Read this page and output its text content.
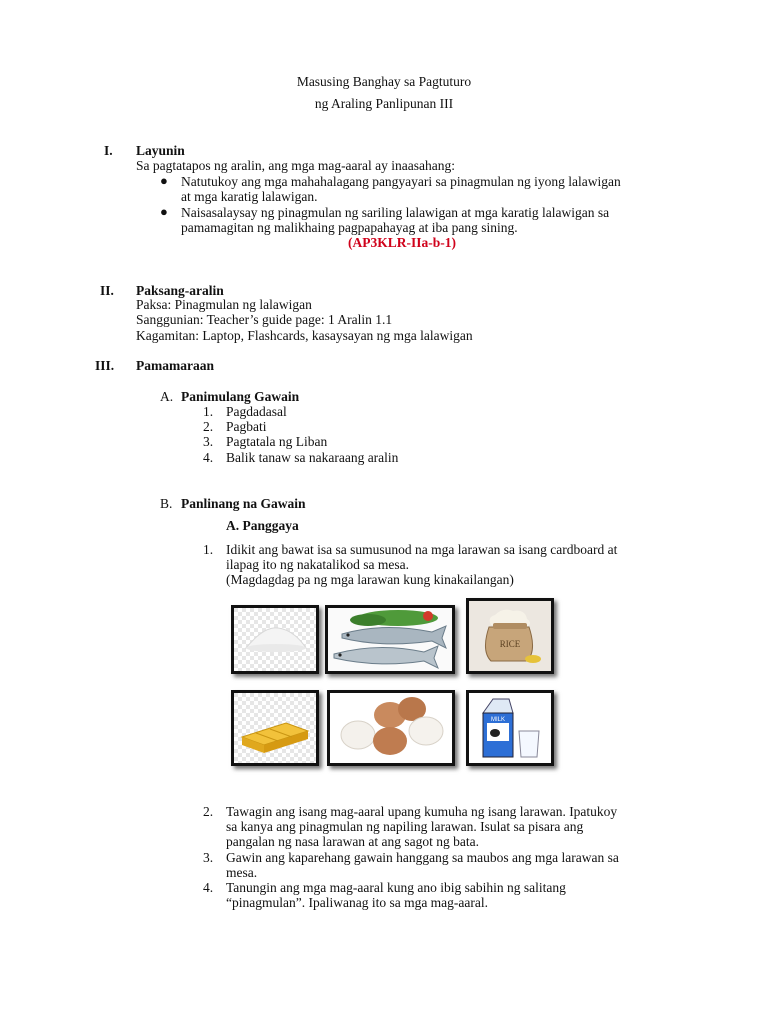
Masusing Banghay sa Pagtuturo
ng Araling Panlipunan III
I. Layunin
Sa pagtatapos ng aralin, ang mga mag-aaral ay inaasahang:
● Natutukoy ang mga mahahalagang pangyayari sa pinagmulan ng iyong lalawigan
at mga karatig lalawigan.
● Naisasalaysay ng pinagmulan ng sariling lalawigan at mga karatig lalawigan sa
pamamagitan ng malikhaing pagpapahayag at iba pang sining.
(AP3KLR-IIa-b-1)
II. Paksang-aralin
Paksa: Pinagmulan ng lalawigan
Sanggunian: Teacher’s guide page: 1 Aralin 1.1
Kagamitan: Laptop, Flashcards, kasaysayan ng mga lalawigan
III. Pamamaraan
A. Panimulang Gawain
1. Pagdadasal
2. Pagbati
3. Pagtatala ng Liban
4. Balik tanaw sa nakaraang aralin
B. Panlinang na Gawain
A. Panggaya
1. Idikit ang bawat isa sa sumusunod na mga larawan sa isang cardboard at
ilapag ito ng nakatalikod sa mesa.
(Magdagdag pa ng mga larawan kung kinakailangan)
RICE
MILK
2. Tawagin ang isang mag-aaral upang kumuha ng isang larawan. Ipatukoy
sa kanya ang pinagmulan ng napiling larawan. Isulat sa pisara ang
pangalan ng nasa larawan at ang sagot ng bata.
3. Gawin ang kaparehang gawain hanggang sa maubos ang mga larawan sa
mesa.
4. Tanungin ang mga mag-aaral kung ano ibig sabihin ng salitang
“pinagmulan”. Ipaliwanag ito sa mga mag-aaral.
